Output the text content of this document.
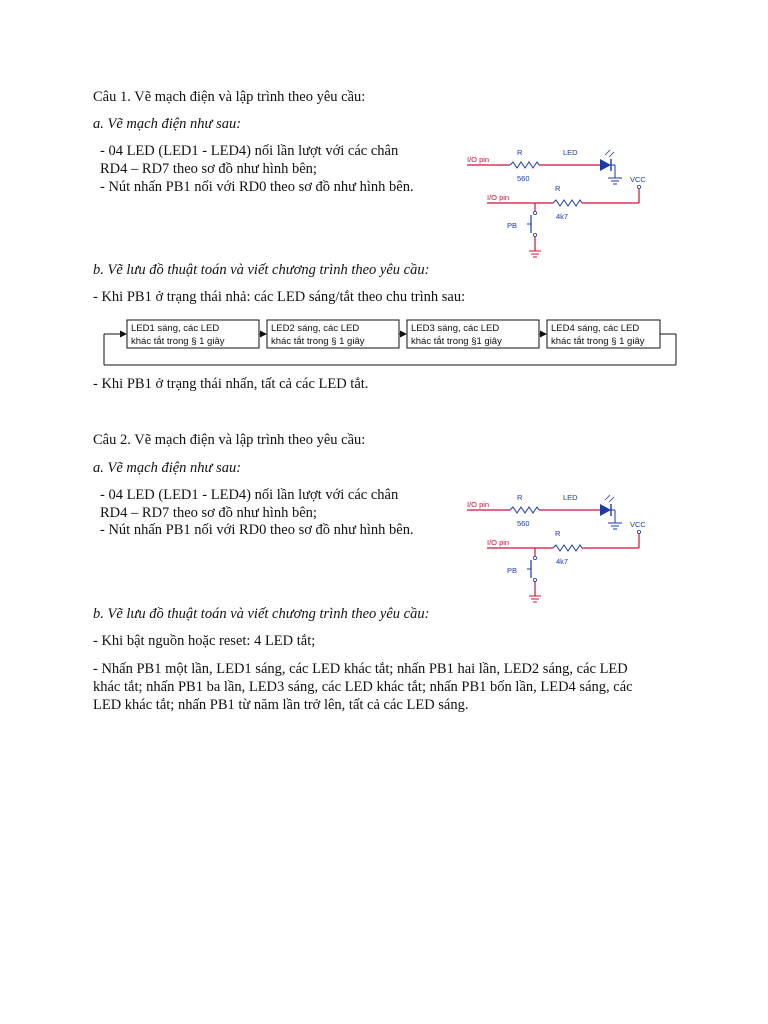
Câu 1. Vẽ mạch điện và lập trình theo yêu cầu:
a. Vẽ mạch điện như sau:
- 04 LED (LED1 - LED4) nối lần lượt với các chân
RD4 – RD7 theo sơ đồ như hình bên;
- Nút nhấn PB1 nối với RD0 theo sơ đồ như hình bên.
I/O pin
R
560
LED
VCC
I/O pin
R
4k7
PB
b. Vẽ lưu đồ thuật toán và viết chương trình theo yêu cầu:
- Khi PB1 ở trạng thái nhả: các LED sáng/tắt theo chu trình sau:
LED1 sáng, các LED
khác tắt trong § 1 giây
LED2 sáng, các LED
khác tắt trong § 1 giây
LED3 sáng, các LED
khác tắt trong §1 giây
LED4 sáng, các LED
khác tắt trong § 1 giây
- Khi PB1 ở trạng thái nhấn, tất cả các LED tắt.
Câu 2. Vẽ mạch điện và lập trình theo yêu cầu:
a. Vẽ mạch điện như sau:
- 04 LED (LED1 - LED4) nối lần lượt với các chân
RD4 – RD7 theo sơ đồ như hình bên;
- Nút nhấn PB1 nối với RD0 theo sơ đồ như hình bên.
I/O pin
R
560
LED
VCC
I/O pin
R
4k7
PB
b. Vẽ lưu đồ thuật toán và viết chương trình theo yêu cầu:
- Khi bật nguồn hoặc reset: 4 LED tắt;
- Nhấn PB1 một lần, LED1 sáng, các LED khác tắt; nhấn PB1 hai lần, LED2 sáng, các LED
khác tắt; nhấn PB1 ba lần, LED3 sáng, các LED khác tắt; nhấn PB1 bốn lần, LED4 sáng, các
LED khác tắt; nhấn PB1 từ năm lần trở lên, tất cả các LED sáng.
